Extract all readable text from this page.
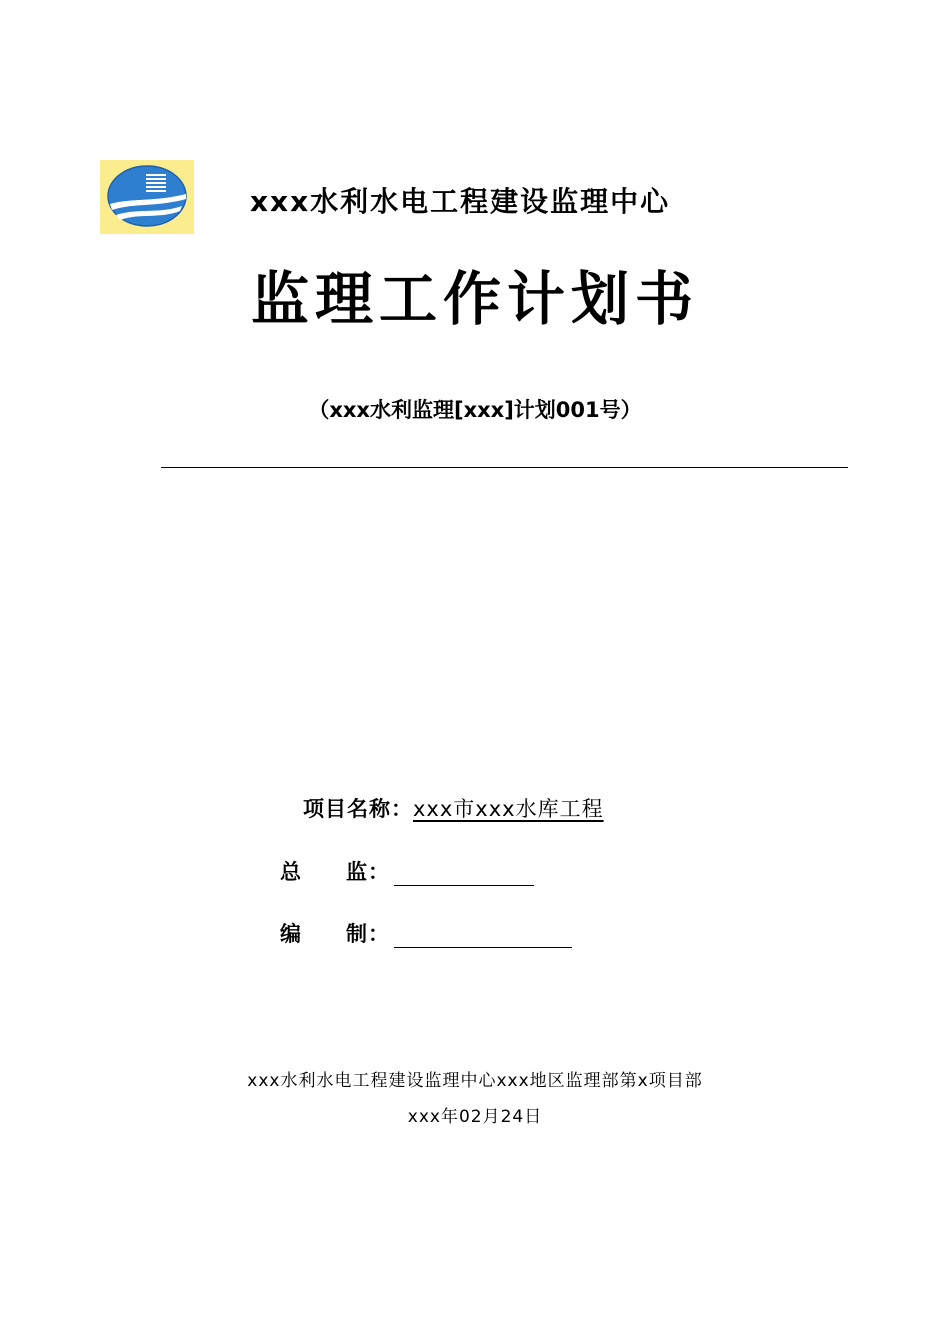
xxx水利水电工程建设监理中心
监理工作计划书
（xxx水利监理[xxx]计划001号）
项目名称：xxx市xxx水库工程
总　　监：
编　　制：
xxx水利水电工程建设监理中心xxx地区监理部第x项目部
xxx年02月24日
